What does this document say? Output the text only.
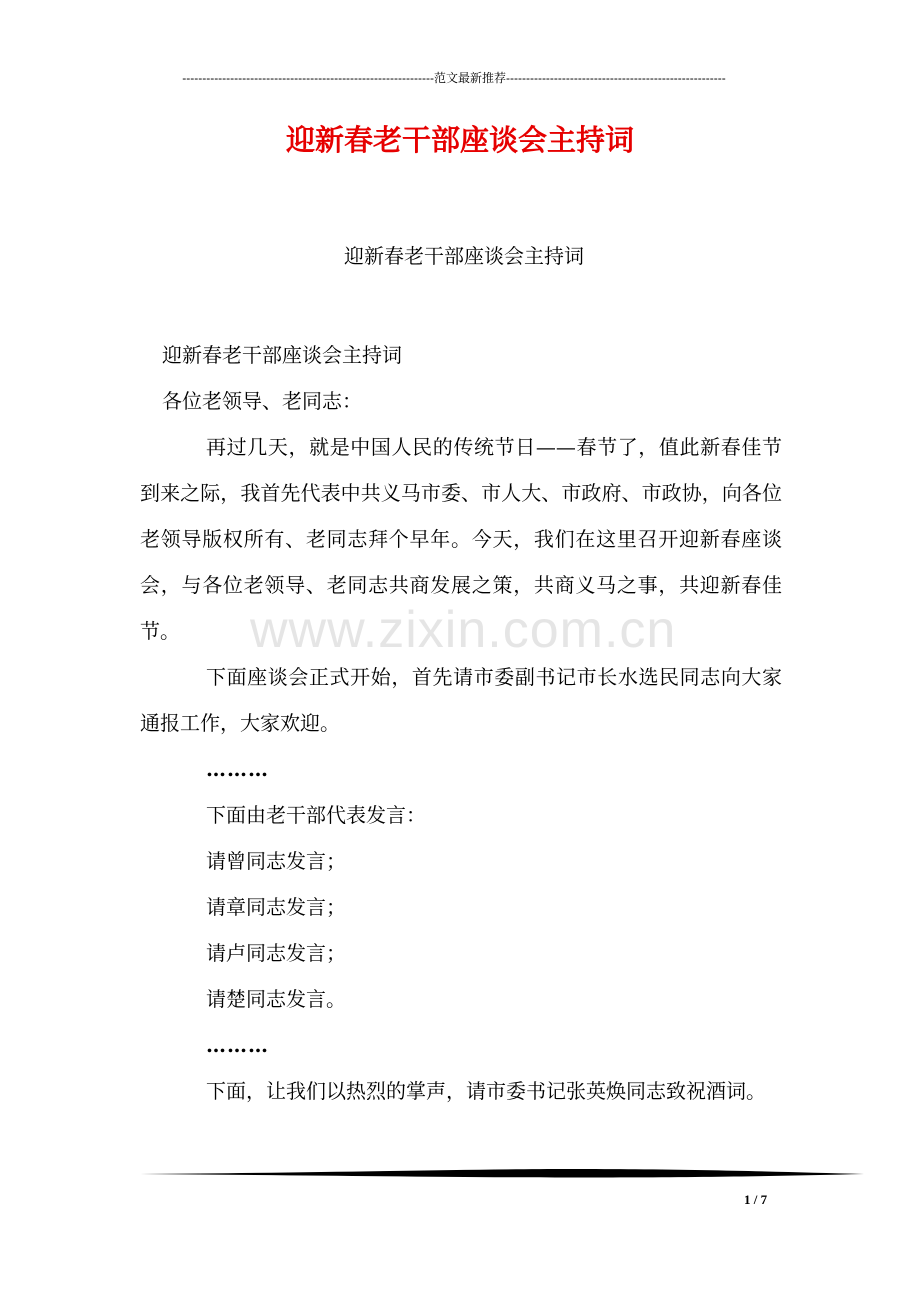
---------------------------------------------------------------范文最新推荐-------------------------------------------------------
迎新春老干部座谈会主持词
迎新春老干部座谈会主持词

迎新春老干部座谈会主持词

各位老领导、老同志：

再过几天，就是中国人民的传统节日——春节了，值此新春佳节到来之际，我首先代表中共义马市委、市人大、市政府、市政协，向各位老领导版权所有、老同志拜个早年。今天，我们在这里召开迎新春座谈会，与各位老领导、老同志共商发展之策，共商义马之事，共迎新春佳节。

下面座谈会正式开始，首先请市委副书记市长水选民同志向大家通报工作，大家欢迎。

………

下面由老干部代表发言：

请曾同志发言；

请章同志发言；

请卢同志发言；

请楚同志发言。

………

下面，让我们以热烈的掌声，请市委书记张英焕同志致祝酒词。

www.zixin.com.cn
1 / 7
